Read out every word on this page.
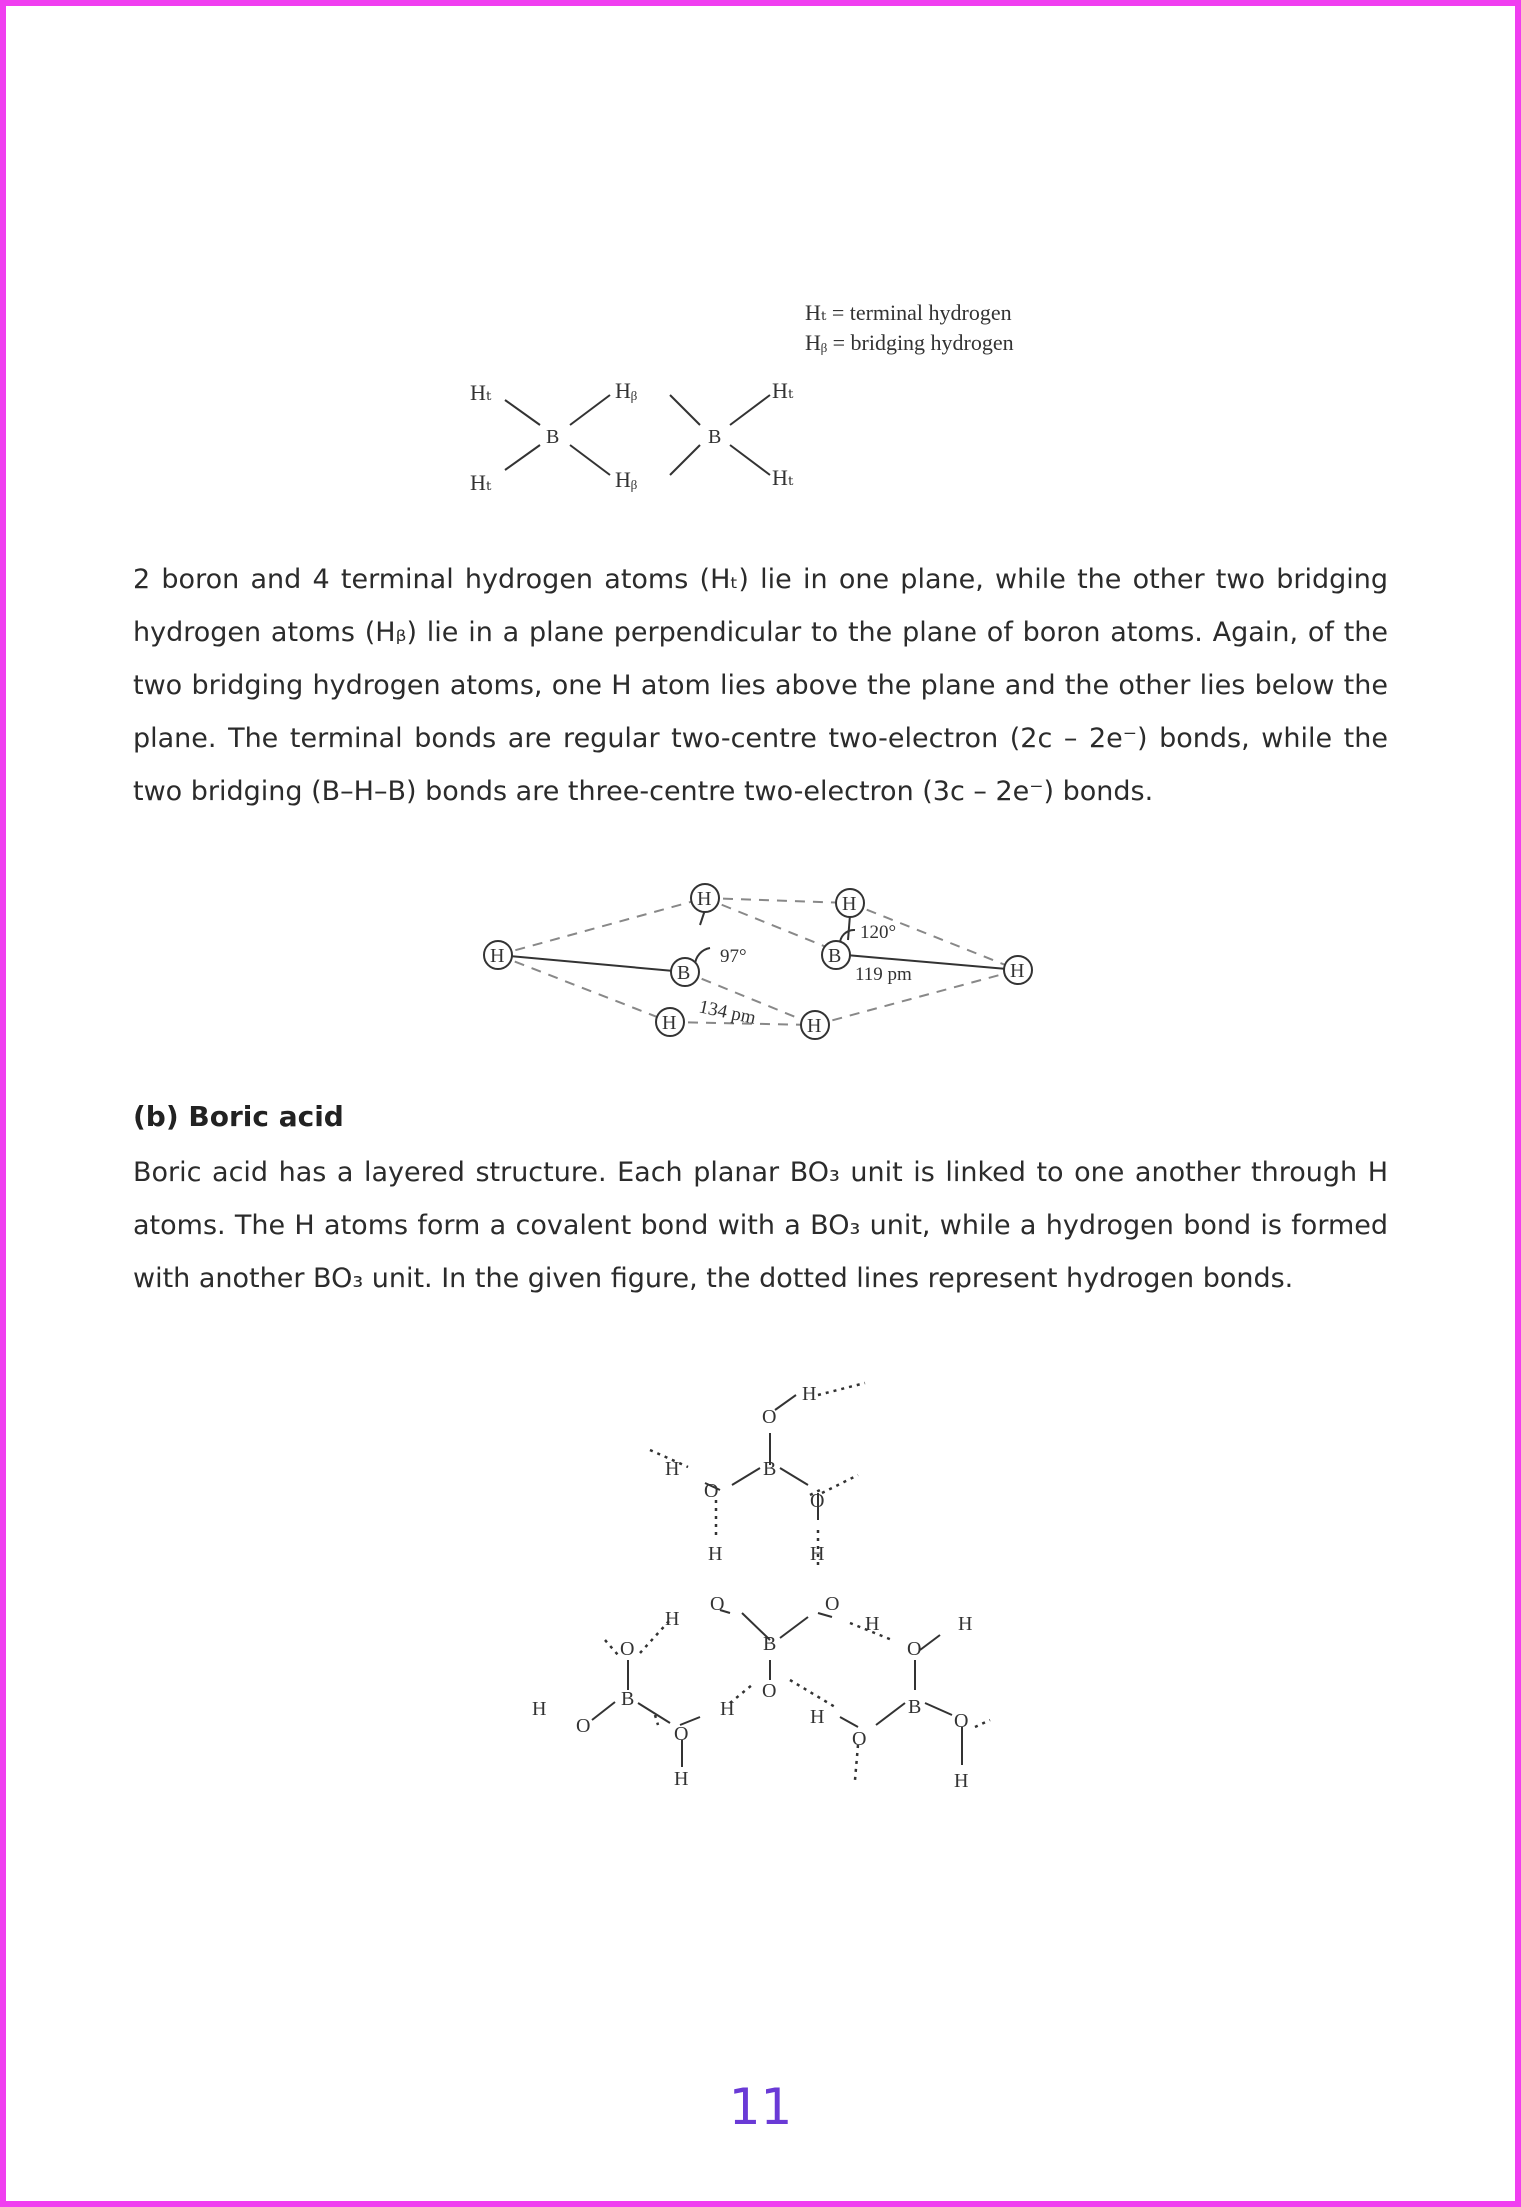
Hₜ = terminal hydrogen
Hᵦ = bridging hydrogen
Hₜ
Hₜ
B
Hᵦ
Hᵦ
B
Hₜ
Hₜ

2 boron and 4 terminal hydrogen atoms (Hₜ) lie in one plane, while the other two bridging hydrogen atoms (Hᵦ) lie in a plane perpendicular to the plane of boron atoms. Again, of the two bridging hydrogen atoms, one H atom lies above the plane and the other lies below the plane. The terminal bonds are regular two-centre two-electron (2c – 2e⁻) bonds, while the two bridging (B–H–B) bonds are three-centre two-electron (3c – 2e⁻) bonds.

H
H	H
B
B
H
H	H
97°
120°
119 pm
134 pm
(b) Boric acid

Boric acid has a layered structure. Each planar BO₃ unit is linked to one another through H atoms. The H atoms form a covalent bond with a BO₃ unit, while a hydrogen bond is formed with another BO₃ unit. In the given figure, the dotted lines represent hydrogen bonds.

H
O
B
H
O	O
H	H
O
H
O
H
B
O
H
O
B
H
O	O
H
O
H
B
H
O
O
H
11
